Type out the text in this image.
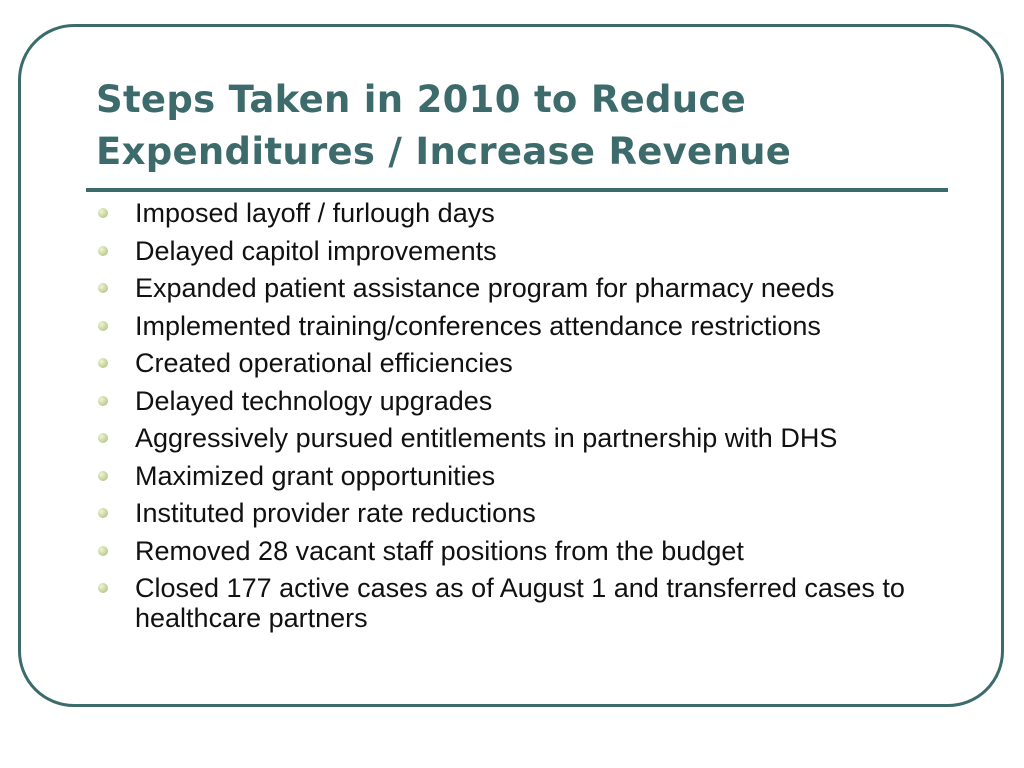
Steps Taken in 2010 to Reduce
Expenditures / Increase Revenue
Imposed layoff / furlough days
Delayed capitol improvements
Expanded patient assistance program for pharmacy needs
Implemented training/conferences attendance restrictions
Created operational efficiencies
Delayed technology upgrades
Aggressively pursued entitlements in partnership with DHS
Maximized grant opportunities
Instituted provider rate reductions
Removed 28 vacant staff positions from the budget
Closed 177 active cases as of August 1 and transferred cases to healthcare partners
